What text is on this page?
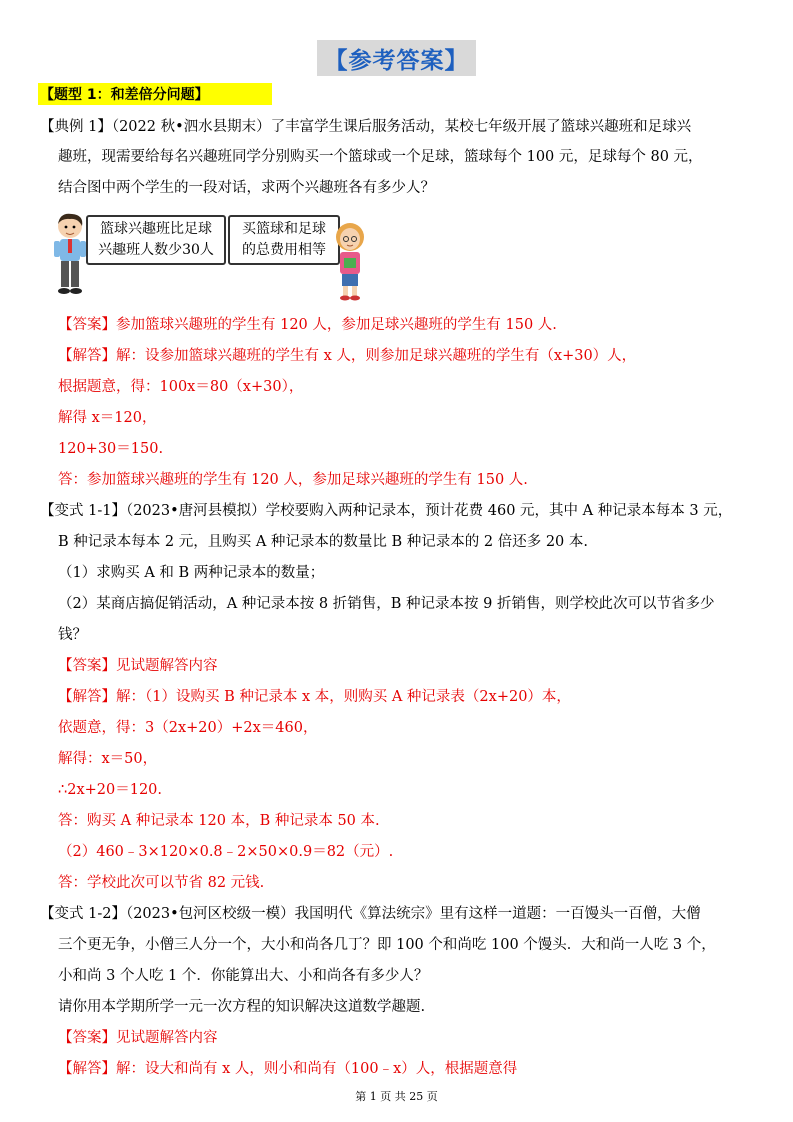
【参考答案】
【题型 1：和差倍分问题】
【典例 1】（2022 秋•泗水县期末）了丰富学生课后服务活动，某校七年级开展了篮球兴趣班和足球兴
趣班，现需要给每名兴趣班同学分别购买一个篮球或一个足球，篮球每个 100 元，足球每个 80 元，
结合图中两个学生的一段对话，求两个兴趣班各有多少人？
篮球兴趣班比足球
兴趣班人数少30人
买篮球和足球
的总费用相等
【答案】参加篮球兴趣班的学生有 120 人，参加足球兴趣班的学生有 150 人.
【解答】解：设参加篮球兴趣班的学生有 x 人，则参加足球兴趣班的学生有（x+30）人，
根据题意，得：100x＝80（x+30），
解得 x＝120，
120+30＝150.
答：参加篮球兴趣班的学生有 120 人，参加足球兴趣班的学生有 150 人.
【变式 1-1】（2023•唐河县模拟）学校要购入两种记录本，预计花费 460 元，其中 A 种记录本每本 3 元，
B 种记录本每本 2 元，且购买 A 种记录本的数量比 B 种记录本的 2 倍还多 20 本.
（1）求购买 A 和 B 两种记录本的数量；
（2）某商店搞促销活动，A 种记录本按 8 折销售，B 种记录本按 9 折销售，则学校此次可以节省多少
钱？
【答案】见试题解答内容
【解答】解：（1）设购买 B 种记录本 x 本，则购买 A 种记录表（2x+20）本，
依题意，得：3（2x+20）+2x＝460，
解得：x＝50，
∴2x+20＝120.
答：购买 A 种记录本 120 本，B 种记录本 50 本.
（2）460﹣3×120×0.8﹣2×50×0.9＝82（元）.
答：学校此次可以节省 82 元钱.
【变式 1-2】（2023•包河区校级一模）我国明代《算法统宗》里有这样一道题：一百馒头一百僧，大僧
三个更无争，小僧三人分一个，大小和尚各几丁？即 100 个和尚吃 100 个馒头．大和尚一人吃 3 个，
小和尚 3 个人吃 1 个．你能算出大、小和尚各有多少人？
请你用本学期所学一元一次方程的知识解决这道数学趣题.
【答案】见试题解答内容
【解答】解：设大和尚有 x 人，则小和尚有（100﹣x）人，根据题意得
第 1 页 共 25 页
